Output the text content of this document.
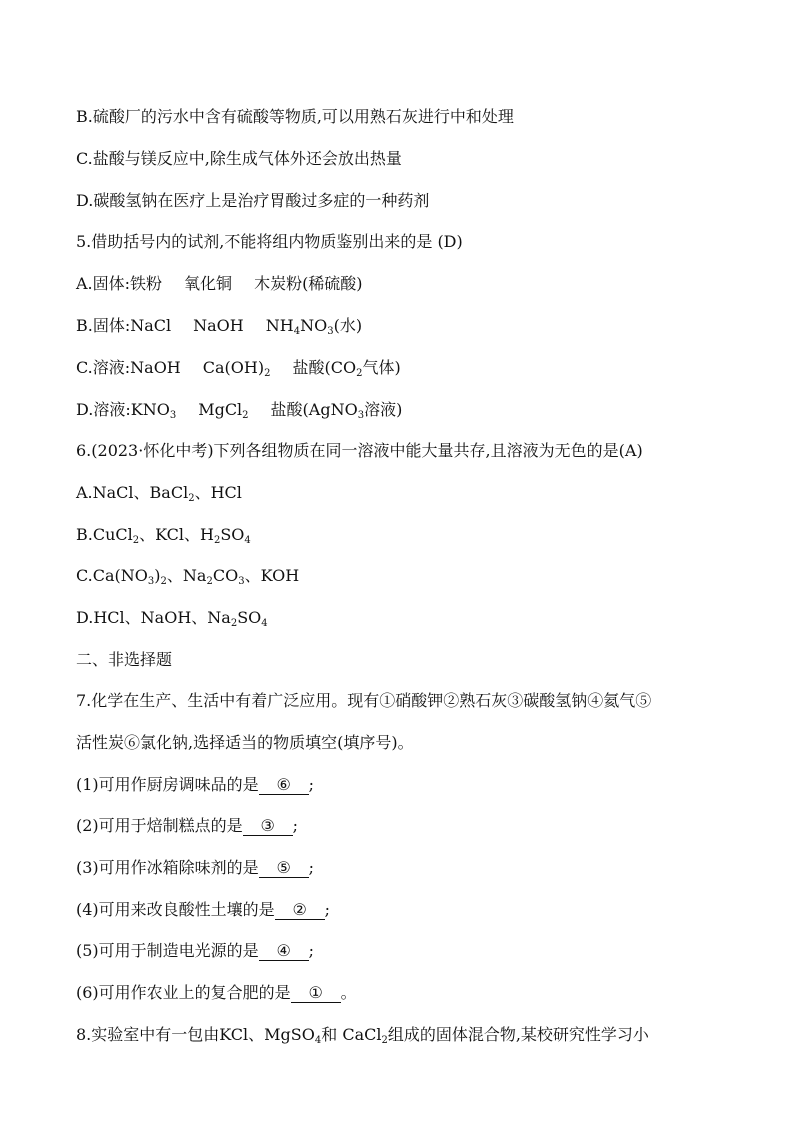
B.硫酸厂的污水中含有硫酸等物质,可以用熟石灰进行中和处理
C.盐酸与镁反应中,除生成气体外还会放出热量
D.碳酸氢钠在医疗上是治疗胃酸过多症的一种药剂
5.借助括号内的试剂,不能将组内物质鉴别出来的是 (D)
A.固体:铁粉 氧化铜 木炭粉(稀硫酸)
B.固体:NaCl NaOH $NH_4NO_3$(水)
C.溶液:NaOH $Ca(OH)_2$ 盐酸($CO_2$气体)
D.溶液$:KNO_3$ MgCl$_2$ 盐酸(AgNO$_3$溶液)
6.(2023·怀化中考)下列各组物质在同一溶液中能大量共存,且溶液为无色的是(A)
A.NaCl、BaCl$_2$、HCl
B.CuCl$_2$、KCl、$H_2SO_4$
$C.Ca(NO_3)_2$、$Na_2CO_3$、KOH
D.HCl、NaOH、$Na_2SO_4$
二、非选择题
7.化学在生产、生活中有着广泛应用。现有①硝酸钾②熟石灰③碳酸氢钠④氦气⑤
活性炭⑥氯化钠,选择适当的物质填空(填序号)。
(1)可用作厨房调味品的是 ⑥ ;
(2)可用于焙制糕点的是 ③ ;
(3)可用作冰箱除味剂的是 ⑤ ;
(4)可用来改良酸性土壤的是 ② ;
(5)可用于制造电光源的是 ④ ;
(6)可用作农业上的复合肥的是 ① 。
8.实验室中有一包由KCl、MgSO$_4$和 CaCl$_2$组成的固体混合物,某校研究性学习小
